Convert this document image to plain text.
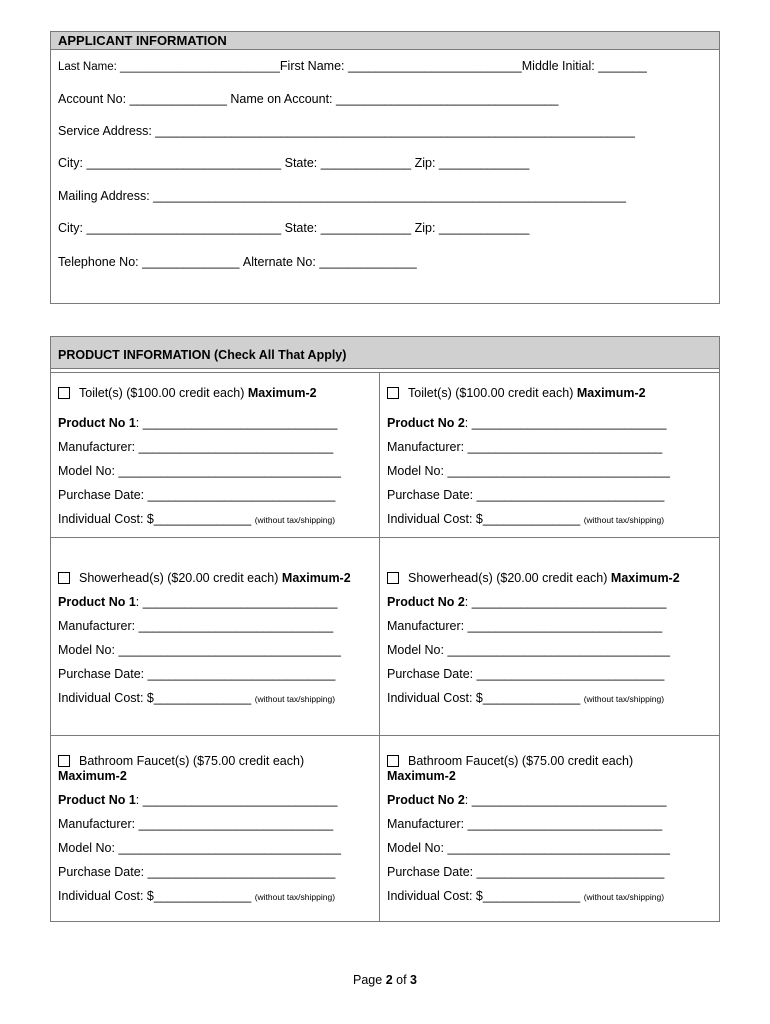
APPLICANT INFORMATION
Last Name: _________________________First Name: _________________________Middle Initial: _______
Account No: ______________ Name on Account: ________________________________
Service Address: _____________________________________________________________________
City: ____________________________ State: _____________ Zip: _____________
Mailing Address: ____________________________________________________________________
City: ____________________________ State: _____________ Zip: _____________
Telephone No: ______________ Alternate No: ______________
PRODUCT INFORMATION (Check All That Apply)
Toilet(s) ($100.00 credit each) Maximum-2
Product No 1: ____________________________
Manufacturer: ____________________________
Model No: ________________________________
Purchase Date: ___________________________
Individual Cost: $______________ (without tax/shipping)
Toilet(s) ($100.00 credit each) Maximum-2
Product No 2: ____________________________
Manufacturer: ____________________________
Model No: ________________________________
Purchase Date: ___________________________
Individual Cost: $______________ (without tax/shipping)
Showerhead(s) ($20.00 credit each) Maximum-2
Product No 1: ____________________________
Manufacturer: ____________________________
Model No: ________________________________
Purchase Date: ___________________________
Individual Cost: $______________ (without tax/shipping)
Showerhead(s) ($20.00 credit each) Maximum-2
Product No 2: ____________________________
Manufacturer: ____________________________
Model No: ________________________________
Purchase Date: ___________________________
Individual Cost: $______________ (without tax/shipping)
Bathroom Faucet(s) ($75.00 credit each)
Maximum-2
Product No 1: ____________________________
Manufacturer: ____________________________
Model No: ________________________________
Purchase Date: ___________________________
Individual Cost: $______________ (without tax/shipping)
Bathroom Faucet(s) ($75.00 credit each)
Maximum-2
Product No 2: ____________________________
Manufacturer: ____________________________
Model No: ________________________________
Purchase Date: ___________________________
Individual Cost: $______________ (without tax/shipping)
Page 2 of 3
